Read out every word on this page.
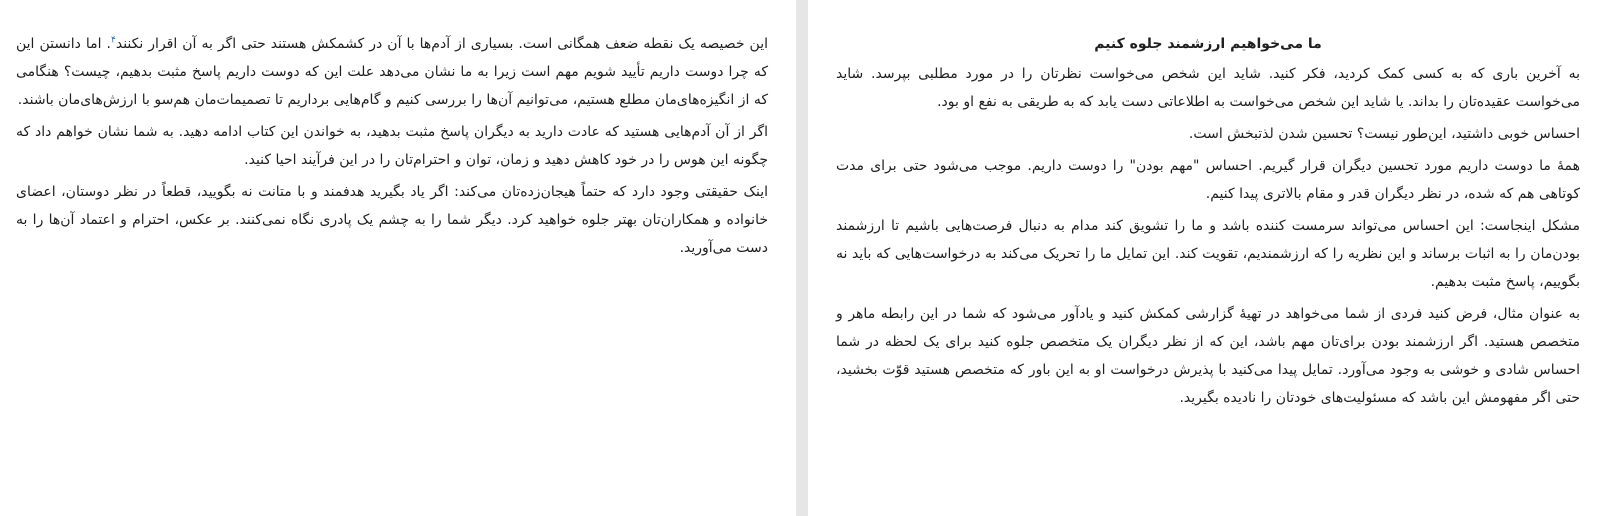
این خصیصه یک نقطه ضعف همگانی است. بسیاری از آدم‌ها با آن در کشمکش هستند حتی اگر به آن اقرار نکنند$^۴$. اما دانستن این که چرا دوست داریم تأیید شویم مهم است زیرا به ما نشان می‌دهد علت این که دوست داریم پاسخ مثبت بدهیم، چیست؟ هنگامی که از انگیزه‌های‌مان مطلع هستیم، می‌توانیم آن‌ها را بررسی کنیم و گام‌هایی برداریم تا تصمیمات‌مان هم‌سو با ارزش‌های‌مان باشند.

اگر از آن آدم‌هایی هستید که عادت دارید به دیگران پاسخ مثبت بدهید، به خواندن این کتاب ادامه دهید. به شما نشان خواهم داد که چگونه این هوس را در خود کاهش دهید و زمان، توان و احترام‌تان را در این فرآیند احیا کنید.

اینک حقیقتی وجود دارد که حتماً هیجان‌زده‌تان می‌کند: اگر یاد بگیرید هدفمند و با متانت نه بگویید، قطعاً در نظر دوستان، اعضای خانواده و همکاران‌تان بهتر جلوه خواهید کرد. دیگر شما را به چشم یک پادری نگاه نمی‌کنند. بر عکس، احترام و اعتماد آن‌ها را به دست می‌آورید.

ما می‌خواهیم ارزشمند جلوه کنیم

به آخرین باری که به کسی کمک کردید، فکر کنید. شاید این شخص می‌خواست نظرتان را در مورد مطلبی بپرسد. شاید می‌خواست عقیده‌تان را بداند. یا شاید این شخص می‌خواست به اطلاعاتی دست یابد که به طریقی به نفع او بود.

احساس خوبی داشتید، این‌طور نیست؟ تحسین شدن لذتبخش است.

همهٔ ما دوست داریم مورد تحسین دیگران قرار گیریم. احساس "مهم بودن" را دوست داریم. موجب می‌شود حتی برای مدت کوتاهی هم که شده، در نظر دیگران قدر و مقام بالاتری پیدا کنیم.

مشکل اینجاست: این احساس می‌تواند سرمست کننده باشد و ما را تشویق کند مدام به دنبال فرصت‌هایی باشیم تا ارزشمند بودن‌مان را به اثبات برساند و این نظریه را که ارزشمندیم، تقویت کند. این تمایل ما را تحریک می‌کند به درخواست‌هایی که باید نه بگوییم، پاسخ مثبت بدهیم.

به عنوان مثال، فرض کنید فردی از شما می‌خواهد در تهیهٔ گزارشی کمکش کنید و یادآور می‌شود که شما در این رابطه ماهر و متخصص هستید. اگر ارزشمند بودن برای‌تان مهم باشد، این که از نظر دیگران یک متخصص جلوه کنید برای یک لحظه در شما احساس شادی و خوشی به وجود می‌آورد. تمایل پیدا می‌کنید با پذیرش درخواست او به این باور که متخصص هستید قوّت بخشید، حتی اگر مفهومش این باشد که مسئولیت‌های خودتان را نادیده بگیرید.
